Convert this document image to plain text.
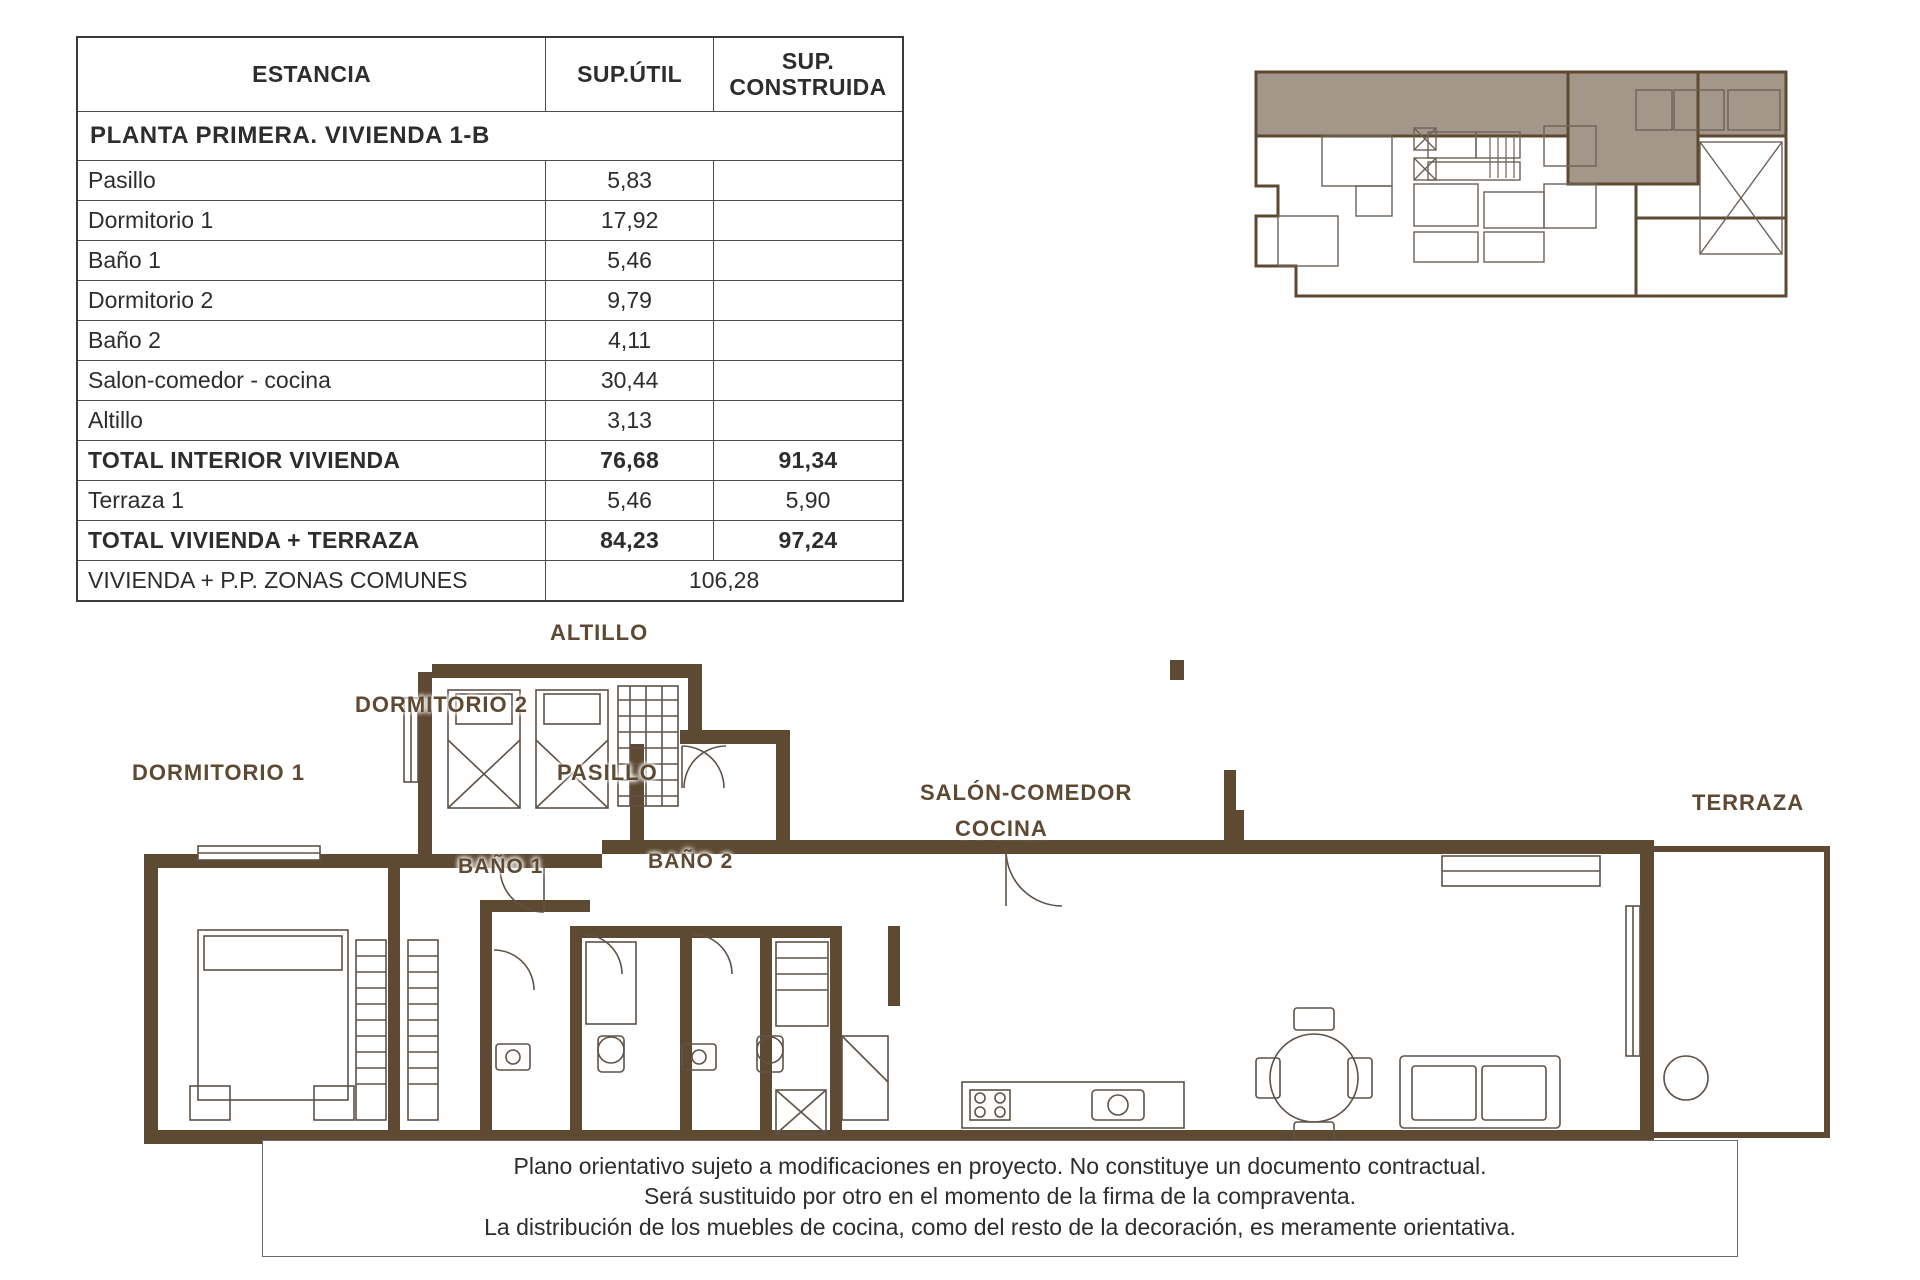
ESTANCIA	SUP.ÚTIL	SUP. CONSTRUIDA
PLANTA PRIMERA. VIVIENDA 1-B		
Pasillo	5,83	
Dormitorio 1	17,92	
Baño 1	5,46	
Dormitorio 2	9,79	
Baño 2	4,11	
Salon-comedor - cocina	30,44	
Altillo	3,13	
TOTAL INTERIOR VIVIENDA	76,68	91,34
Terraza 1	5,46	5,90
TOTAL VIVIENDA + TERRAZA	84,23	97,24
VIVIENDA + P.P. ZONAS COMUNES	106,28	
DORMITORIO 2
ALTILLO
DORMITORIO 1	PASILLO
BAÑO 1	BAÑO 2
SALÓN-COMEDOR
COCINA
TERRAZA

Plano orientativo sujeto a modificaciones en proyecto. No constituye un documento contractual.

Será sustituido por otro en el momento de la firma de la compraventa.

La distribución de los muebles de cocina, como del resto de la decoración, es meramente orientativa.
